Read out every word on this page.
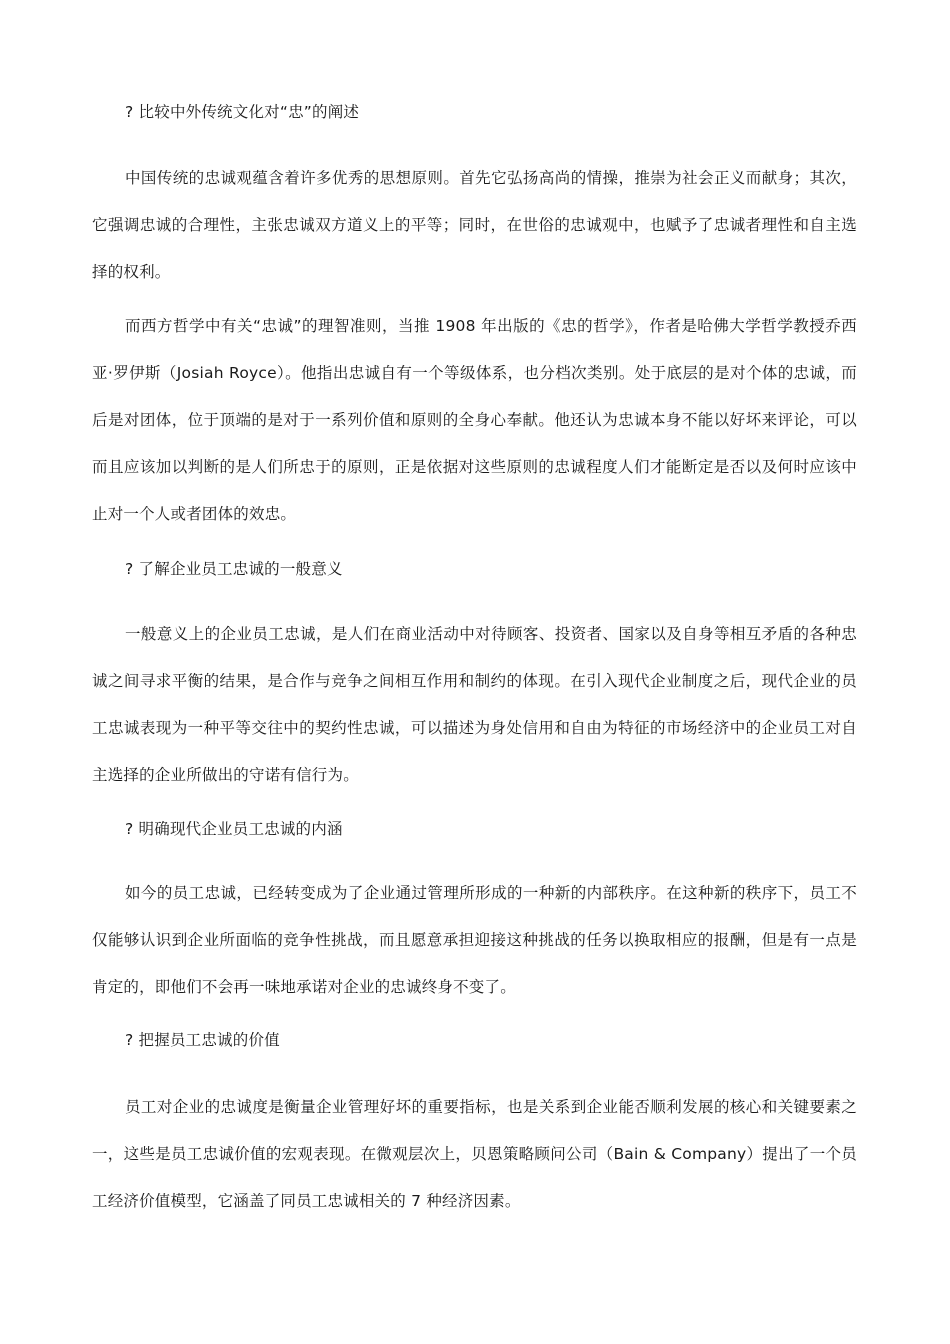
? 比较中外传统文化对“忠”的阐述

中国传统的忠诚观蕴含着许多优秀的思想原则。首先它弘扬高尚的情操，推崇为社会正义而献身；其次，它强调忠诚的合理性，主张忠诚双方道义上的平等；同时，在世俗的忠诚观中，也赋予了忠诚者理性和自主选择的权利。

而西方哲学中有关“忠诚”的理智准则，当推 1908 年出版的《忠的哲学》，作者是哈佛大学哲学教授乔西亚·罗伊斯（Josiah Royce）。他指出忠诚自有一个等级体系，也分档次类别。处于底层的是对个体的忠诚，而后是对团体，位于顶端的是对于一系列价值和原则的全身心奉献。他还认为忠诚本身不能以好坏来评论，可以而且应该加以判断的是人们所忠于的原则，正是依据对这些原则的忠诚程度人们才能断定是否以及何时应该中止对一个人或者团体的效忠。

? 了解企业员工忠诚的一般意义

一般意义上的企业员工忠诚，是人们在商业活动中对待顾客、投资者、国家以及自身等相互矛盾的各种忠诚之间寻求平衡的结果，是合作与竞争之间相互作用和制约的体现。在引入现代企业制度之后，现代企业的员工忠诚表现为一种平等交往中的契约性忠诚，可以描述为身处信用和自由为特征的市场经济中的企业员工对自主选择的企业所做出的守诺有信行为。

? 明确现代企业员工忠诚的内涵

如今的员工忠诚，已经转变成为了企业通过管理所形成的一种新的内部秩序。在这种新的秩序下，员工不仅能够认识到企业所面临的竞争性挑战，而且愿意承担迎接这种挑战的任务以换取相应的报酬，但是有一点是肯定的，即他们不会再一味地承诺对企业的忠诚终身不变了。

? 把握员工忠诚的价值

员工对企业的忠诚度是衡量企业管理好坏的重要指标，也是关系到企业能否顺利发展的核心和关键要素之一，这些是员工忠诚价值的宏观表现。在微观层次上，贝恩策略顾问公司（Bain & Company）提出了一个员工经济价值模型，它涵盖了同员工忠诚相关的 7 种经济因素。
